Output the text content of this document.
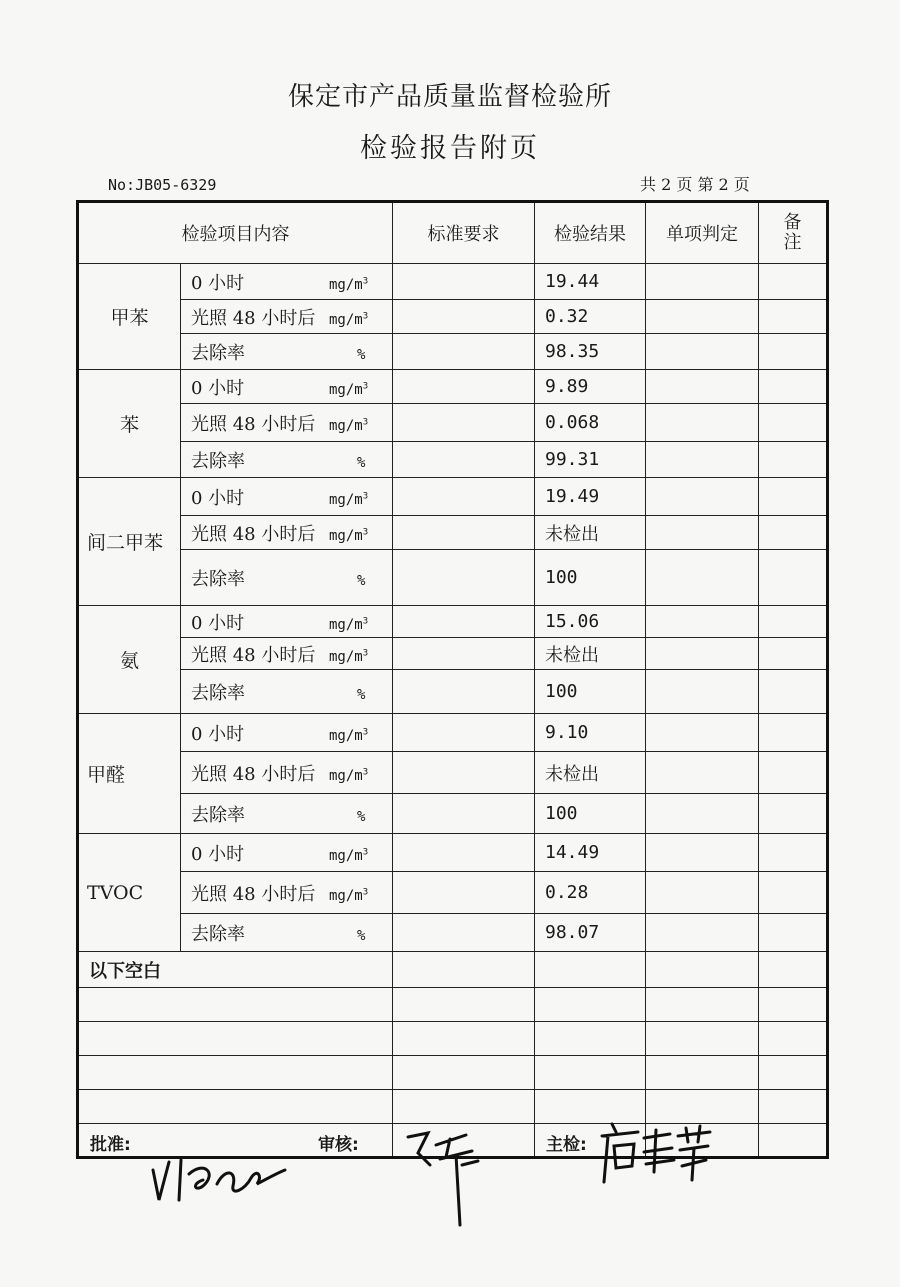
保定市产品质量监督检验所
检验报告附页
No:JB05-6329	共 2 页 第 2 页
检验项目内容		标准要求	检验结果	单项判定	备
注
甲苯	0 小时 $mg/m^3$		19.44		
	光照 48 小时后 $mg/m^3$		0.32		
	去除率 %		98.35		
苯	0 小时 $mg/m^3$		9.89		
	光照 48 小时后 $mg/m^3$		0.068		
	去除率 %		99.31		
间二甲苯	0 小时 $mg/m^3$		19.49		
	光照 48 小时后 $mg/m^3$		未检出		
	去除率 %		100		
氨	0 小时 $mg/m^3$		15.06		
	光照 48 小时后 $mg/m^3$		未检出		
	去除率 %		100		
甲醛	0 小时 $mg/m^3$		9.10		
	光照 48 小时后 $mg/m^3$		未检出		
	去除率 %		100		
TVOC	0 小时 $mg/m^3$		14.49		
	光照 48 小时后 $mg/m^3$		0.28		
	去除率 %		98.07		
以下空白					

批准:	审核:	主检:
